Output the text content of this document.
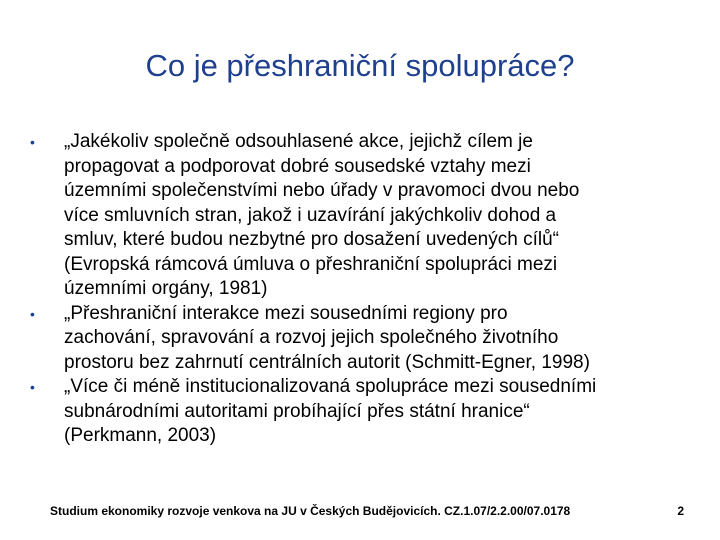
Co je přeshraniční spolupráce?
•	„Jakékoliv společně odsouhlasené akce, jejichž cílem je
propagovat a podporovat dobré sousedské vztahy mezi
územními společenstvími nebo úřady v pravomoci dvou nebo
více smluvních stran, jakož i uzavírání jakýchkoliv dohod a
smluv, které budou nezbytné pro dosažení uvedených cílů“
(Evropská rámcová úmluva o přeshraniční spolupráci mezi
územními orgány, 1981)
•	„Přeshraniční interakce mezi sousedními regiony pro
zachování, spravování a rozvoj jejich společného životního
prostoru bez zahrnutí centrálních autorit (Schmitt-Egner, 1998)
•	„Více či méně institucionalizovaná spolupráce mezi sousedními
subnárodními autoritami probíhající přes státní hranice“
(Perkmann, 2003)
Studium ekonomiky rozvoje venkova na JU v Českých Budějovicích. CZ.1.07/2.2.00/07.0178	2
